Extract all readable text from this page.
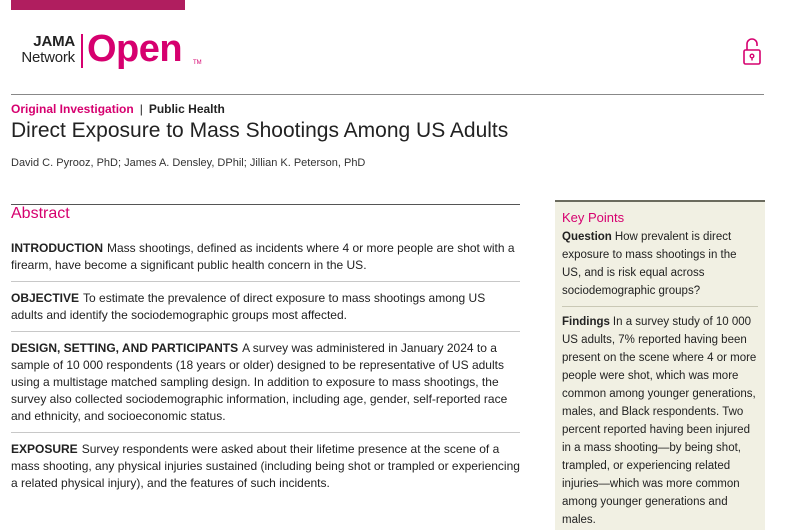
JAMA
Network Open TM
Original Investigation | Public Health
Direct Exposure to Mass Shootings Among US Adults
David C. Pyrooz, PhD; James A. Densley, DPhil; Jillian K. Peterson, PhD
Abstract

INTRODUCTION Mass shootings, defined as incidents where 4 or more people are shot with a firearm, have become a significant public health concern in the US.

OBJECTIVE To estimate the prevalence of direct exposure to mass shootings among US adults and identify the sociodemographic groups most affected.

DESIGN, SETTING, AND PARTICIPANTS A survey was administered in January 2024 to a sample of 10 000 respondents (18 years or older) designed to be representative of US adults using a multistage matched sampling design. In addition to exposure to mass shootings, the survey also collected sociodemographic information, including age, gender, self-reported race and ethnicity, and socioeconomic status.

EXPOSURE Survey respondents were asked about their lifetime presence at the scene of a mass shooting, any physical injuries sustained (including being shot or trampled or experiencing a related physical injury), and the features of such incidents.

Key Points

Question How prevalent is direct exposure to mass shootings in the US, and is risk equal across sociodemographic groups?

Findings In a survey study of 10 000 US adults, 7% reported having been present on the scene where 4 or more people were shot, which was more common among younger generations, males, and Black respondents. Two percent reported having been injured in a mass shooting—by being shot, trampled, or experiencing related injuries—which was more common among younger generations and males.
